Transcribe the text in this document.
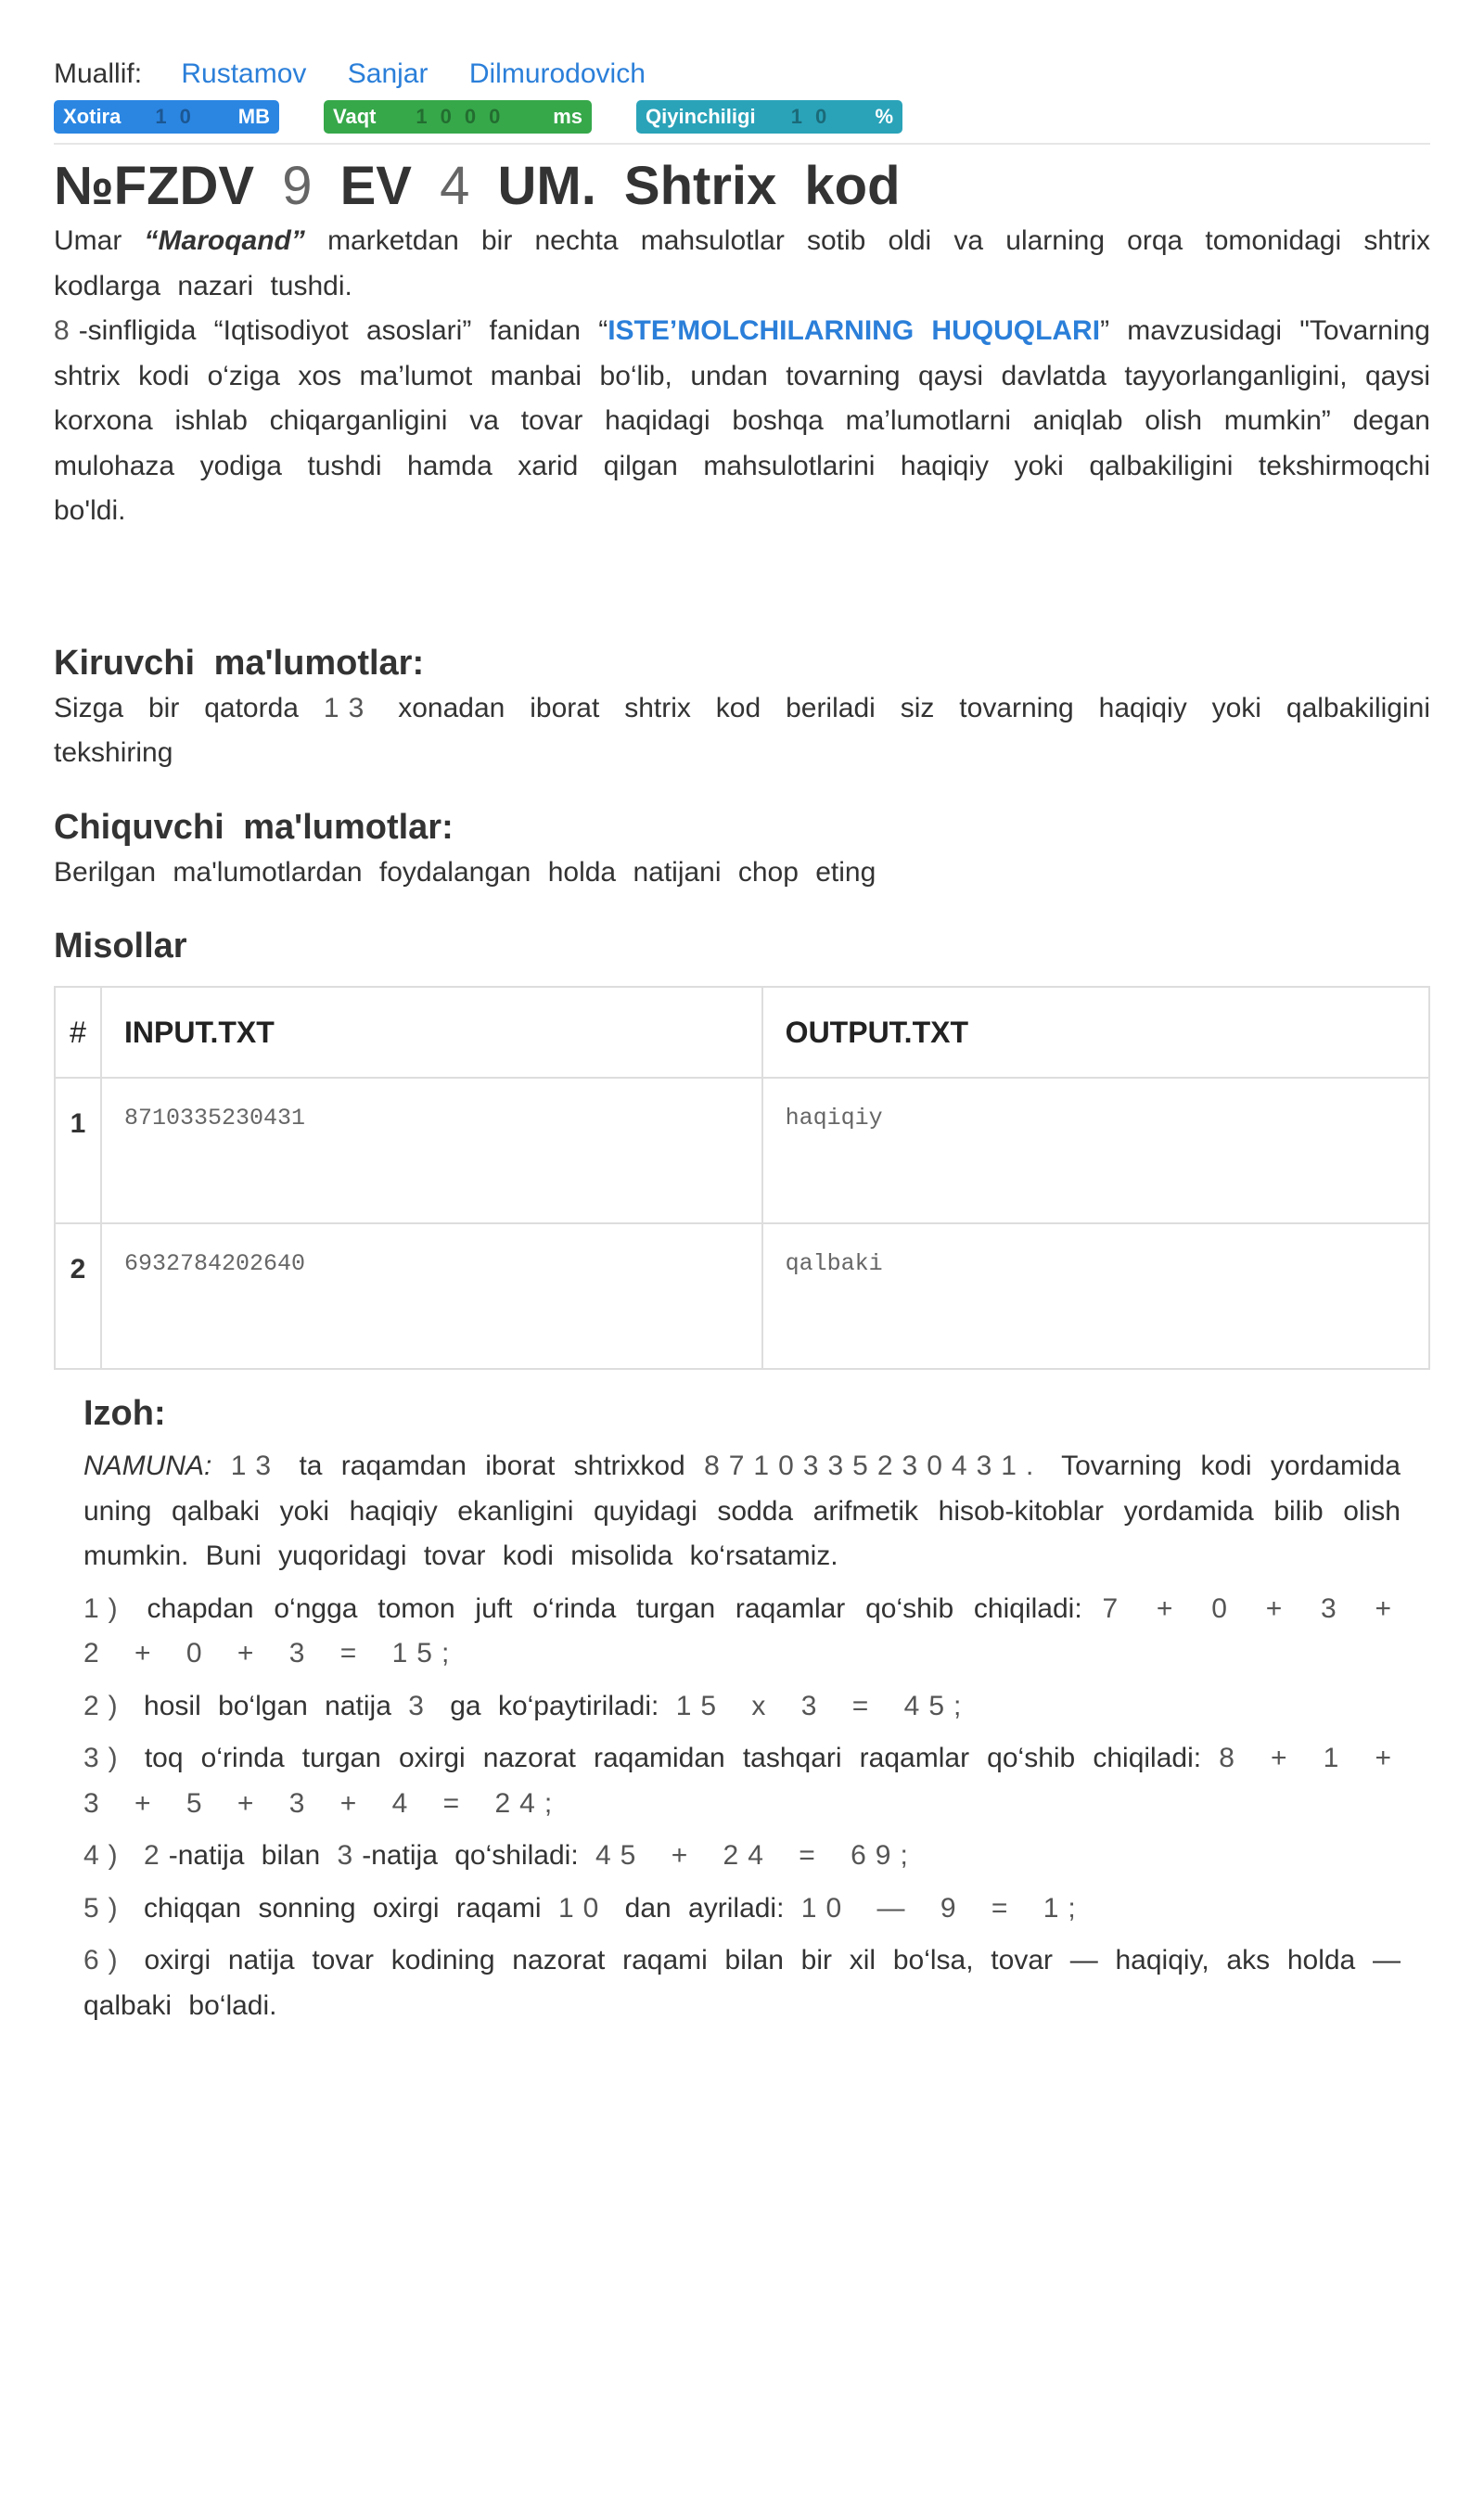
Muallif: Rustamov Sanjar Dilmurodovich
Xotira 10 MB	Vaqt 1000 ms	Qiyinchiligi 10 %
№FZDV 9 EV 4 UM. Shtrix kod

Umar “Maroqand” marketdan bir nechta mahsulotlar sotib oldi va ularning orqa tomonidagi shtrix kodlarga nazari tushdi.

8-sinfligida “Iqtisodiyot asoslari” fanidan “ISTE’MOLCHILARNING HUQUQLARI” mavzusidagi "Tovarning shtrix kodi o‘ziga xos ma’lumot manbai bo‘lib, undan tovarning qaysi davlatda tayyorlanganligini, qaysi korxona ishlab chiqarganligini va tovar haqidagi boshqa ma’lumotlarni aniqlab olish mumkin” degan mulohaza yodiga tushdi hamda xarid qilgan mahsulotlarini haqiqiy yoki qalbakiligini tekshirmoqchi bo'ldi.

Kiruvchi ma'lumotlar:

Sizga bir qatorda 13 xonadan iborat shtrix kod beriladi siz tovarning haqiqiy yoki qalbakiligini tekshiring

Chiquvchi ma'lumotlar:

Berilgan ma'lumotlardan foydalangan holda natijani chop eting

Misollar
#	INPUT.TXT	OUTPUT.TXT
1	8710335230431	haqiqiy
2	6932784202640	qalbaki
Izoh:

NAMUNA: 13 ta raqamdan iborat shtrixkod 8710335230431. Tovarning kodi yordamida uning qalbaki yoki haqiqiy ekanligini quyidagi sodda arifmetik hisob-kitoblar yordamida bilib olish mumkin. Buni yuqoridagi tovar kodi misolida ko‘rsatamiz.

1) chapdan o‘ngga tomon juft o‘rinda turgan raqamlar qo‘shib chiqiladi: 7 + 0 + 3 + 2 + 0 + 3 = 15;

2) hosil bo‘lgan natija 3 ga ko‘paytiriladi: 15 x 3 = 45;

3) toq o‘rinda turgan oxirgi nazorat raqamidan tashqari raqamlar qo‘shib chiqiladi: 8 + 1 + 3 + 5 + 3 + 4 = 24;

4) 2-natija bilan 3-natija qo‘shiladi: 45 + 24 = 69;

5) chiqqan sonning oxirgi raqami 10 dan ayriladi: 10 — 9 = 1;

6) oxirgi natija tovar kodining nazorat raqami bilan bir xil bo‘lsa, tovar — haqiqiy, aks holda — qalbaki bo‘ladi.
